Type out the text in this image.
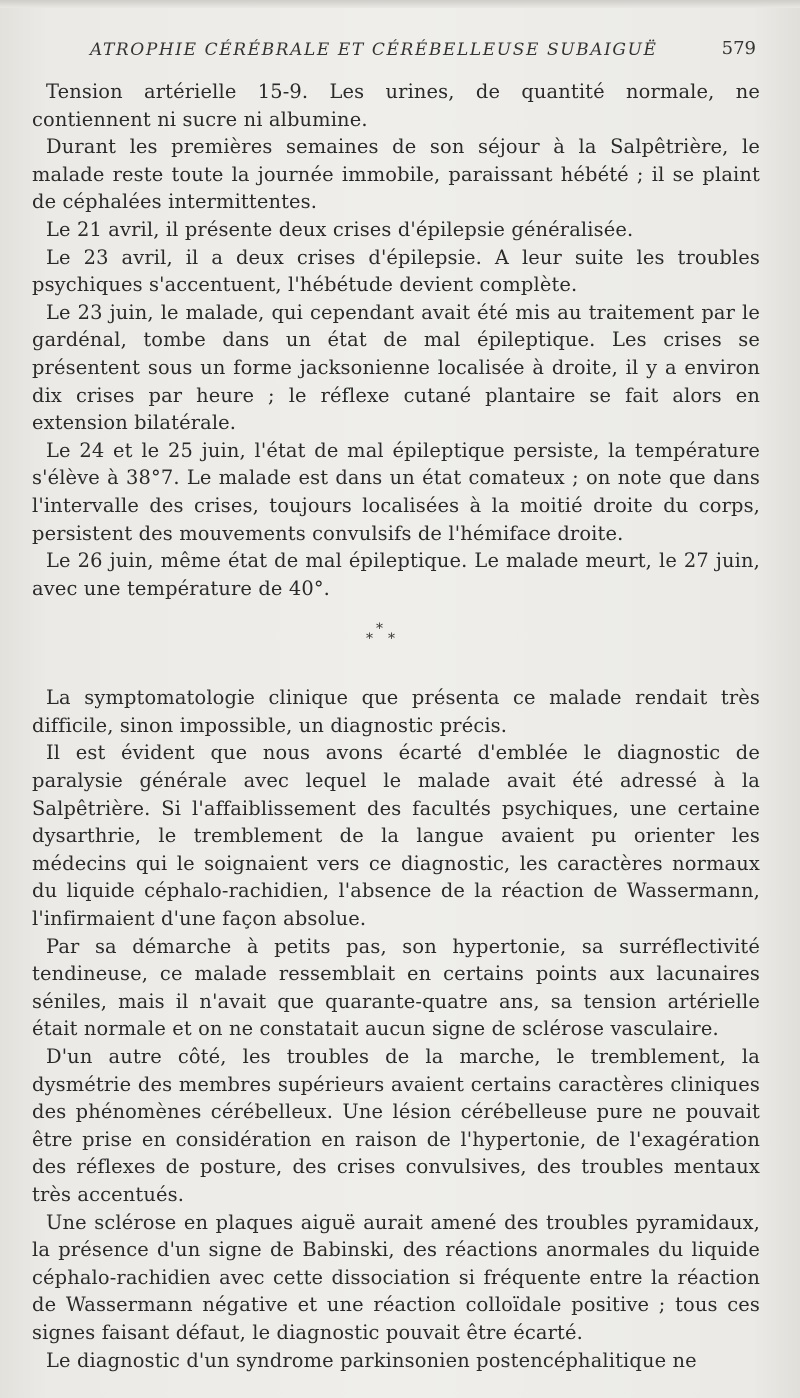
ATROPHIE CÉRÉBRALE ET CÉRÉBELLEUSE SUBAIGUË	579

Tension artérielle 15-9. Les urines, de quantité normale, ne contiennent ni sucre ni albumine.

Durant les premières semaines de son séjour à la Salpêtrière, le malade reste toute la journée immobile, paraissant hébété ; il se plaint de céphalées intermittentes.

Le 21 avril, il présente deux crises d'épilepsie généralisée.

Le 23 avril, il a deux crises d'épilepsie. A leur suite les troubles psychiques s'accentuent, l'hébétude devient complète.

Le 23 juin, le malade, qui cependant avait été mis au traitement par le gardénal, tombe dans un état de mal épileptique. Les crises se présentent sous un forme jacksonienne localisée à droite, il y a environ dix crises par heure ; le réflexe cutané plantaire se fait alors en extension bilatérale.

Le 24 et le 25 juin, l'état de mal épileptique persiste, la température s'élève à 38°7. Le malade est dans un état comateux ; on note que dans l'intervalle des crises, toujours localisées à la moitié droite du corps, persistent des mouvements convulsifs de l'hémiface droite.

Le 26 juin, même état de mal épileptique. Le malade meurt, le 27 juin, avec une température de 40°.

*
* *

La symptomatologie clinique que présenta ce malade rendait très difficile, sinon impossible, un diagnostic précis.

Il est évident que nous avons écarté d'emblée le diagnostic de paralysie générale avec lequel le malade avait été adressé à la Salpêtrière. Si l'affaiblissement des facultés psychiques, une certaine dysarthrie, le tremblement de la langue avaient pu orienter les médecins qui le soignaient vers ce diagnostic, les caractères normaux du liquide céphalo-rachidien, l'absence de la réaction de Wassermann, l'infirmaient d'une façon absolue.

Par sa démarche à petits pas, son hypertonie, sa surréflectivité tendineuse, ce malade ressemblait en certains points aux lacunaires séniles, mais il n'avait que quarante-quatre ans, sa tension artérielle était normale et on ne constatait aucun signe de sclérose vasculaire.

D'un autre côté, les troubles de la marche, le tremblement, la dysmétrie des membres supérieurs avaient certains caractères cliniques des phénomènes cérébelleux. Une lésion cérébelleuse pure ne pouvait être prise en considération en raison de l'hypertonie, de l'exagération des réflexes de posture, des crises convulsives, des troubles mentaux très accentués.

Une sclérose en plaques aiguë aurait amené des troubles pyramidaux, la présence d'un signe de Babinski, des réactions anormales du liquide céphalo-rachidien avec cette dissociation si fréquente entre la réaction de Wassermann négative et une réaction colloïdale positive ; tous ces signes faisant défaut, le diagnostic pouvait être écarté.

Le diagnostic d'un syndrome parkinsonien postencéphalitique ne
